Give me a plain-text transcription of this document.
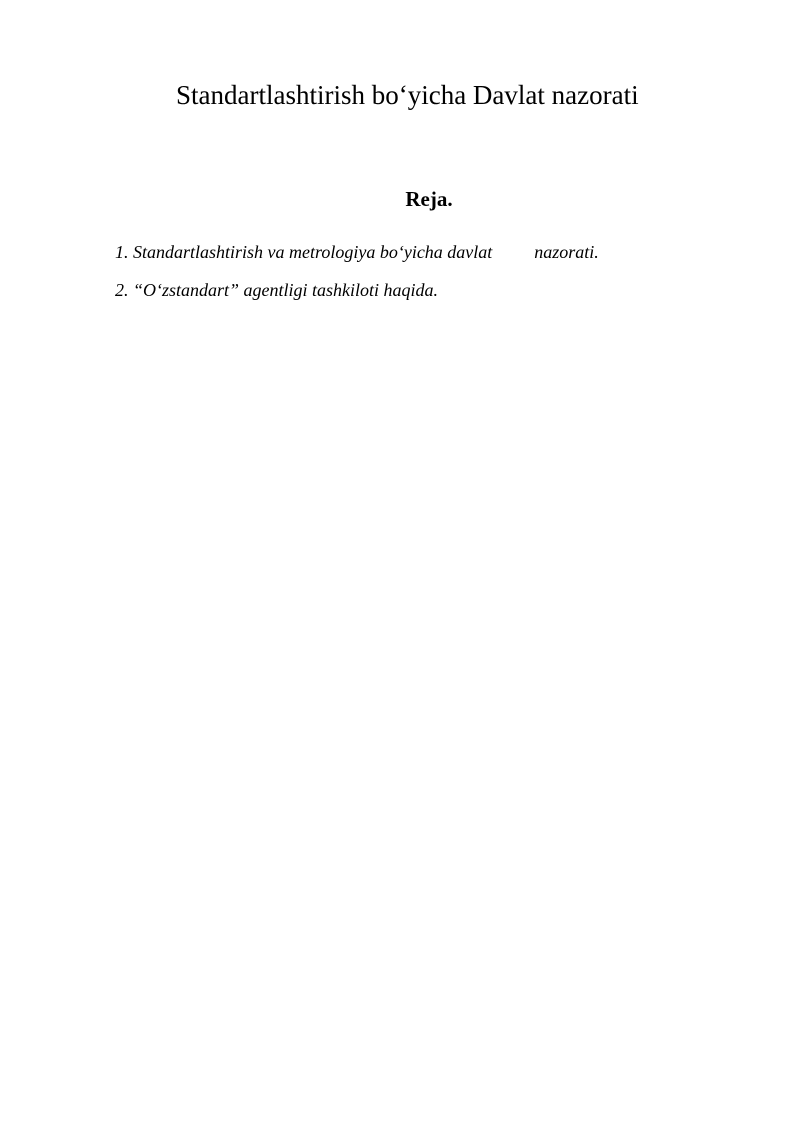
Standartlashtirish bo‘yicha Davlat nazorati
Reja.
1. Standartlashtirish va metrologiya bo‘yicha davlat nazorati.
2. “O‘zstandart” agentligi tashkiloti haqida.
